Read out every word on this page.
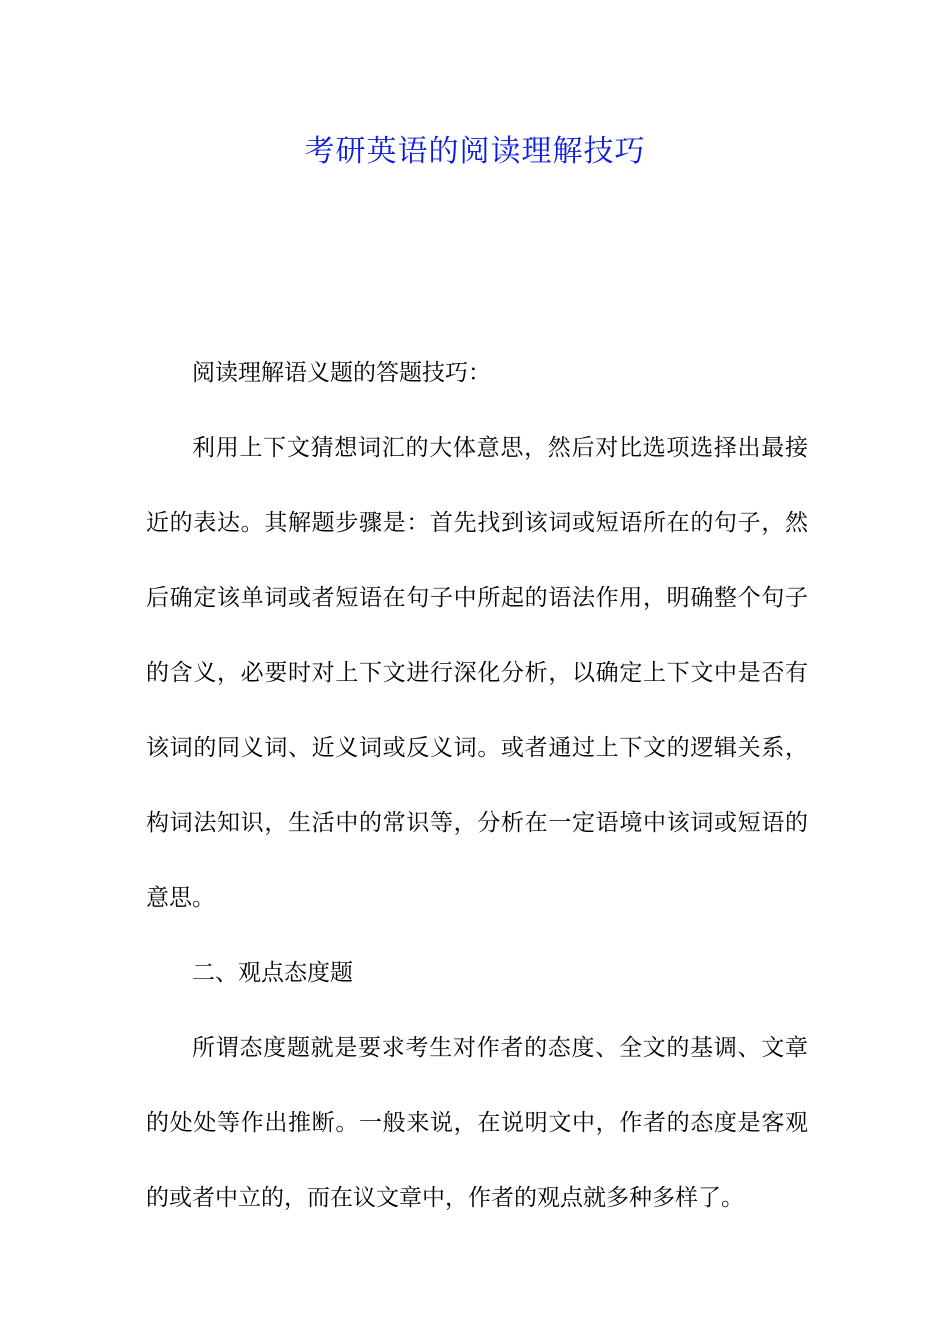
考研英语的阅读理解技巧

阅读理解语义题的答题技巧：

利用上下文猜想词汇的大体意思，然后对比选项选择出最接近的表达。其解题步骤是：首先找到该词或短语所在的句子，然后确定该单词或者短语在句子中所起的语法作用，明确整个句子的含义，必要时对上下文进行深化分析，以确定上下文中是否有该词的同义词、近义词或反义词。或者通过上下文的逻辑关系，构词法知识，生活中的常识等，分析在一定语境中该词或短语的意思。

二、观点态度题

所谓态度题就是要求考生对作者的态度、全文的基调、文章的处处等作出推断。一般来说，在说明文中，作者的态度是客观的或者中立的，而在议文章中，作者的观点就多种多样了。
